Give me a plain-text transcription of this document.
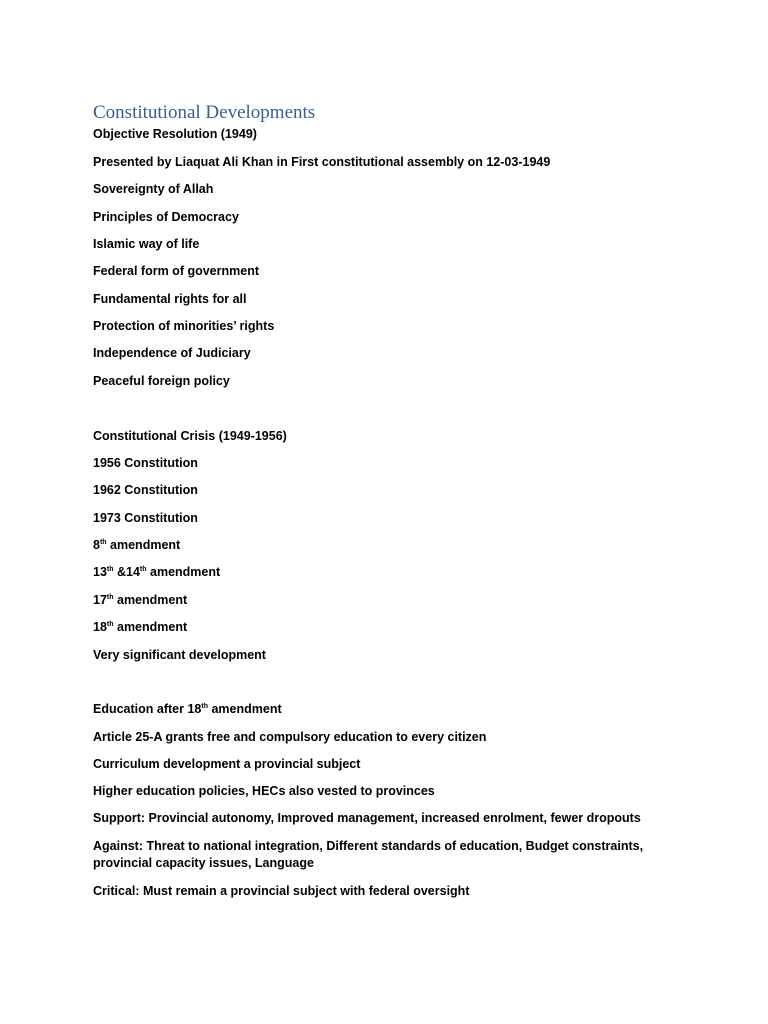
Constitutional Developments
Objective Resolution (1949)
Presented by Liaquat Ali Khan in First constitutional assembly on 12-03-1949
Sovereignty of Allah
Principles of Democracy
Islamic way of life
Federal form of government
Fundamental rights for all
Protection of minorities’ rights
Independence of Judiciary
Peaceful foreign policy
Constitutional Crisis (1949-1956)
1956 Constitution
1962 Constitution
1973 Constitution
8th amendment
13th &14th amendment
17th amendment
18th amendment
Very significant development
Education after 18th amendment
Article 25-A grants free and compulsory education to every citizen
Curriculum development a provincial subject
Higher education policies, HECs also vested to provinces
Support: Provincial autonomy, Improved management, increased enrolment, fewer dropouts
Against: Threat to national integration, Different standards of education, Budget constraints, provincial capacity issues, Language
Critical: Must remain a provincial subject with federal oversight
